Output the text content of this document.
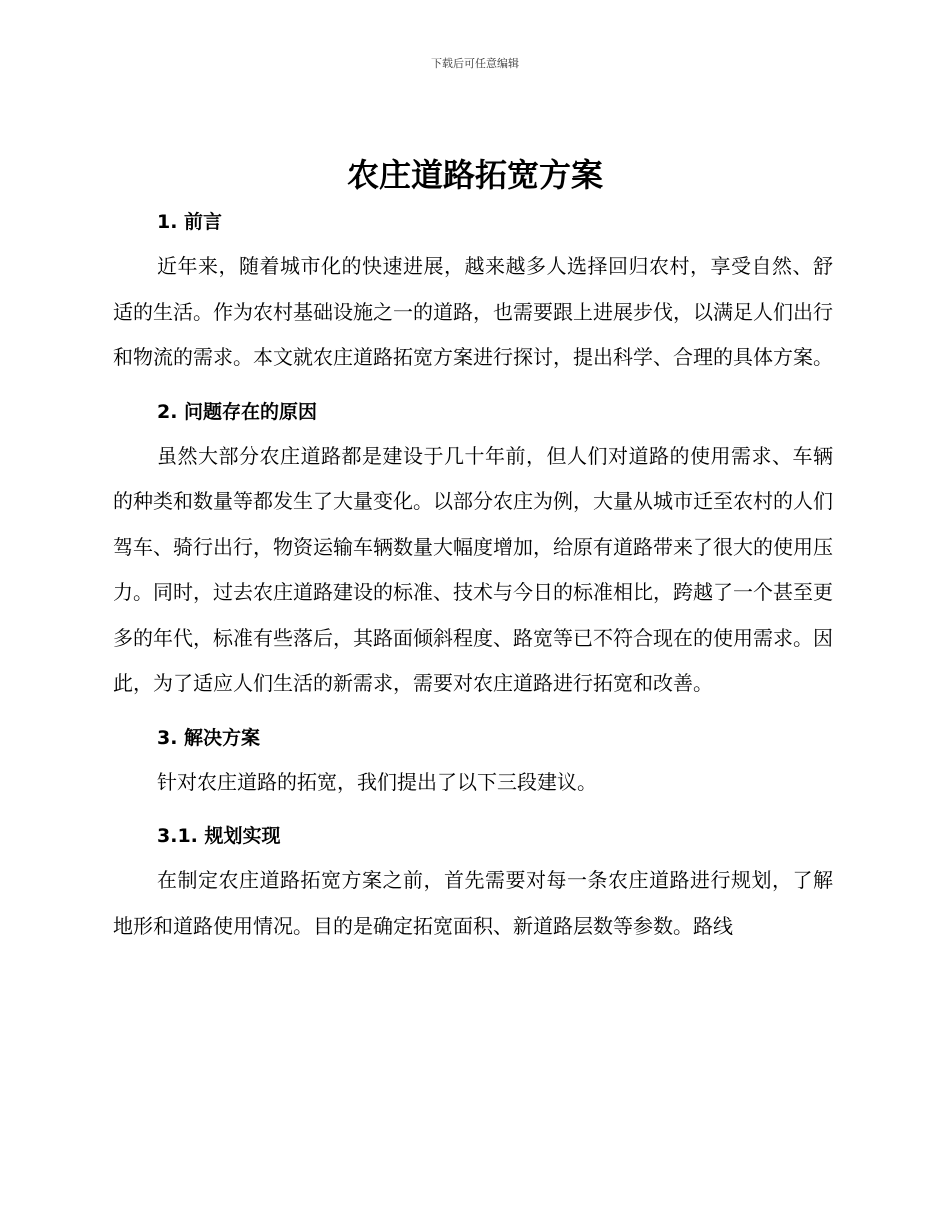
下载后可任意编辑
农庄道路拓宽方案
1. 前言

近年来，随着城市化的快速进展，越来越多人选择回归农村，享受自然、舒适的生活。作为农村基础设施之一的道路，也需要跟上进展步伐，以满足人们出行和物流的需求。本文就农庄道路拓宽方案进行探讨，提出科学、合理的具体方案。

2. 问题存在的原因

虽然大部分农庄道路都是建设于几十年前，但人们对道路的使用需求、车辆的种类和数量等都发生了大量变化。以部分农庄为例，大量从城市迁至农村的人们驾车、骑行出行，物资运输车辆数量大幅度增加，给原有道路带来了很大的使用压力。同时，过去农庄道路建设的标准、技术与今日的标准相比，跨越了一个甚至更多的年代，标准有些落后，其路面倾斜程度、路宽等已不符合现在的使用需求。因此，为了适应人们生活的新需求，需要对农庄道路进行拓宽和改善。

3. 解决方案

针对农庄道路的拓宽，我们提出了以下三段建议。

3.1. 规划实现

在制定农庄道路拓宽方案之前，首先需要对每一条农庄道路进行规划，了解地形和道路使用情况。目的是确定拓宽面积、新道路层数等参数。路线
